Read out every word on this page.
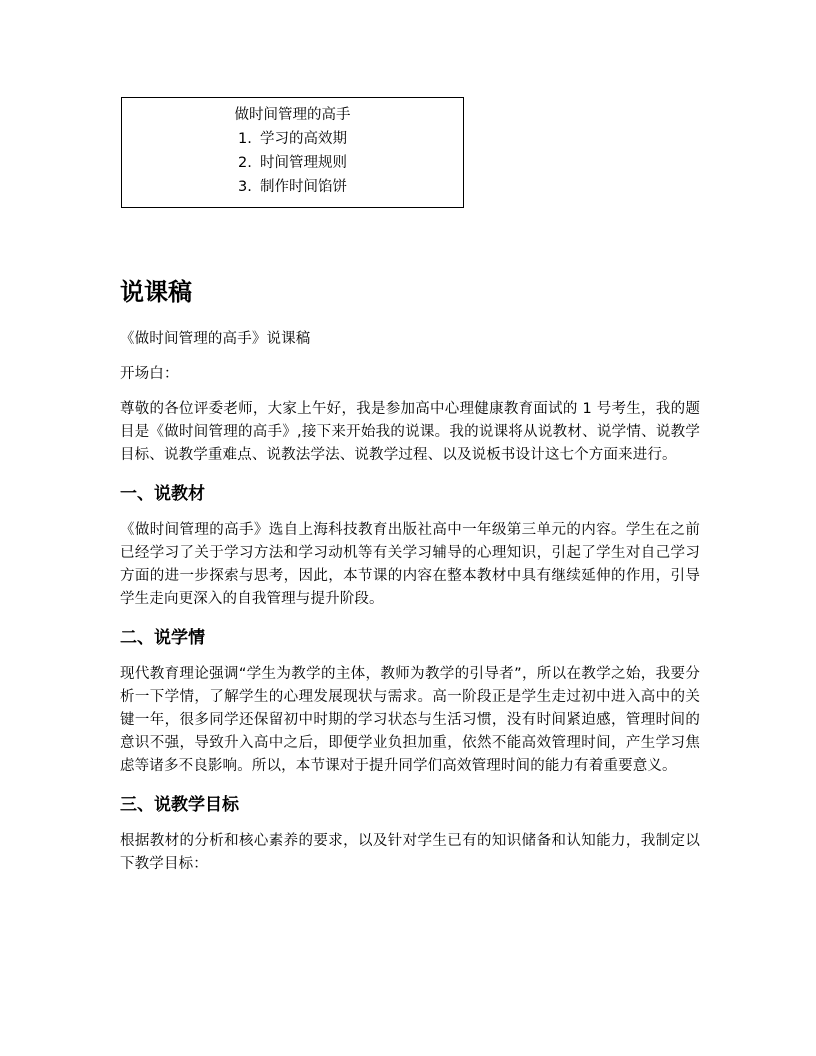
做时间管理的高手
1. 学习的高效期
2. 时间管理规则
3. 制作时间馅饼
说课稿

《做时间管理的高手》说课稿

开场白：

尊敬的各位评委老师，大家上午好，我是参加高中心理健康教育面试的 1 号考生，我的题目是《做时间管理的高手》,接下来开始我的说课。我的说课将从说教材、说学情、说教学目标、说教学重难点、说教法学法、说教学过程、以及说板书设计这七个方面来进行。

一、说教材

《做时间管理的高手》选自上海科技教育出版社高中一年级第三单元的内容。学生在之前已经学习了关于学习方法和学习动机等有关学习辅导的心理知识，引起了学生对自己学习方面的进一步探索与思考，因此，本节课的内容在整本教材中具有继续延伸的作用，引导学生走向更深入的自我管理与提升阶段。

二、说学情

现代教育理论强调“学生为教学的主体，教师为教学的引导者”，所以在教学之始，我要分析一下学情，了解学生的心理发展现状与需求。高一阶段正是学生走过初中进入高中的关键一年，很多同学还保留初中时期的学习状态与生活习惯，没有时间紧迫感，管理时间的意识不强，导致升入高中之后，即便学业负担加重，依然不能高效管理时间，产生学习焦虑等诸多不良影响。所以，本节课对于提升同学们高效管理时间的能力有着重要意义。

三、说教学目标

根据教材的分析和核心素养的要求，以及针对学生已有的知识储备和认知能力，我制定以下教学目标：
